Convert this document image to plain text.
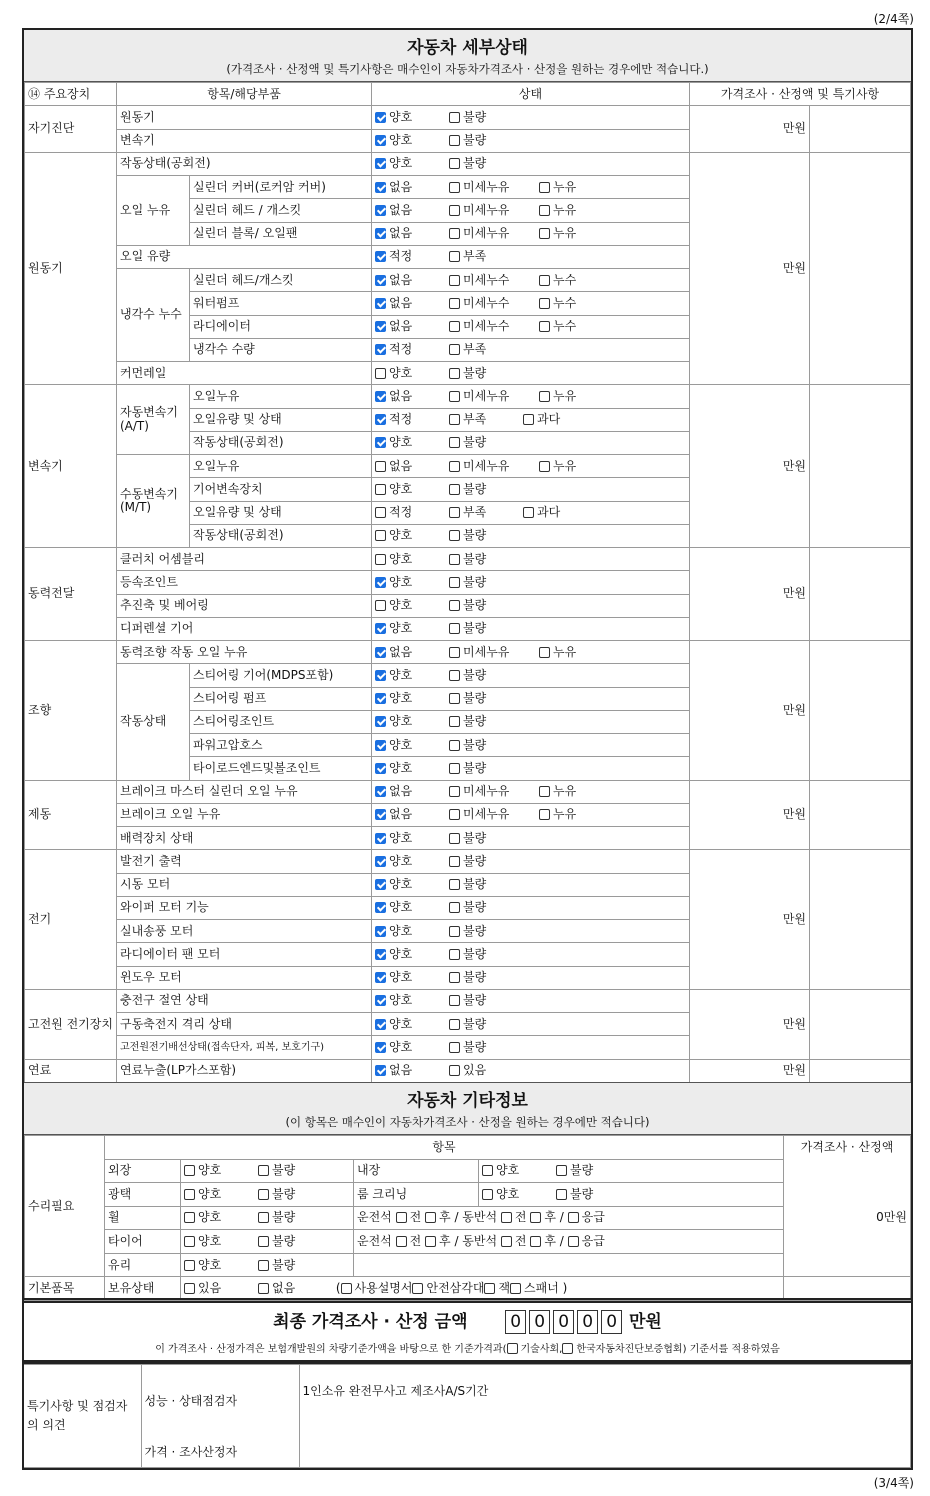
(2/4쪽)
자동차 세부상태
(가격조사 · 산정액 및 특기사항은 매수인이 자동차가격조사 · 산정을 원하는 경우에만 적습니다.)
⑭ 주요장치	항목/해당부품		상태	가격조사 · 산정액 및 특기사항	
자기진단	원동기		양호 불량	만원	
	변속기		양호 불량		
원동기	작동상태(공회전)		양호 불량	만원	
	오일 누유	실린더 커버(로커암 커버)	없음 미세누유 누유		
		실린더 헤드 / 개스킷	없음 미세누유 누유		
		실린더 블록/ 오일팬	없음 미세누유 누유		
	오일 유량		적정 부족		
	냉각수 누수	실린더 헤드/개스킷	없음 미세누수 누수		
		워터펌프	없음 미세누수 누수		
		라디에이터	없음 미세누수 누수		
		냉각수 수량	적정 부족		
	커먼레일		양호 불량		
변속기	자동변속기 (A/T)	오일누유	없음 미세누유 누유	만원	
		오일유량 및 상태	적정 부족 과다		
		작동상태(공회전)	양호 불량		
	수동변속기 (M/T)	오일누유	없음 미세누유 누유		
		기어변속장치	양호 불량		
		오일유량 및 상태	적정 부족 과다		
		작동상태(공회전)	양호 불량		
동력전달	클러치 어셈블리		양호 불량	만원	
	등속조인트		양호 불량		
	추진축 및 베어링		양호 불량		
	디퍼렌셜 기어		양호 불량		
조향	동력조향 작동 오일 누유		없음 미세누유 누유	만원	
	작동상태	스티어링 기어(MDPS포함)	양호 불량		
		스티어링 펌프	양호 불량		
		스티어링조인트	양호 불량		
		파워고압호스	양호 불량		
		타이로드엔드및볼조인트	양호 불량		
제동	브레이크 마스터 실린더 오일 누유		없음 미세누유 누유	만원	
	브레이크 오일 누유		없음 미세누유 누유		
	배력장치 상태		양호 불량		
전기	발전기 출력		양호 불량	만원	
	시동 모터		양호 불량		
	와이퍼 모터 기능		양호 불량		
	실내송풍 모터		양호 불량		
	라디에이터 팬 모터		양호 불량		
	윈도우 모터		양호 불량		
고전원 전기장치	충전구 절연 상태		양호 불량	만원	
	구동축전지 격리 상태		양호 불량		
	고전원전기배선상태(접속단자, 피복, 보호기구)		양호 불량		
연료	연료누출(LP가스포함)		없음 있음	만원	
자동차 기타정보
(이 항목은 매수인이 자동차가격조사 · 산정을 원하는 경우에만 적습니다)
수리필요	항목				가격조사 · 산정액
	외장	양호 불량	내장	양호 불량	0만원
	광택	양호 불량	룸 크리닝	양호 불량	
	휠	양호 불량	운전석 전 후 / 동반석 전 후 / 응급		
	타이어	양호 불량	운전석 전 후 / 동반석 전 후 / 응급		
	유리	양호 불량			
기본품목	보유상태	있음 없음 ( 사용설명서 안전삼각대 잭 스패너 )			
최종 가격조사 · 산정 금액	0 0 0 0 0 만원
이 가격조사 · 산정가격은 보험개발원의 차량기준가액을 바탕으로 한 기준가격과( 기술사회, 한국자동차진단보증협회) 기준서를 적용하였음
특기사항 및 점검자의 의견	성능 · 상태점검자	1인소유 완전무사고 제조사A/S기간
	가격 · 조사산정자	
(3/4쪽)
